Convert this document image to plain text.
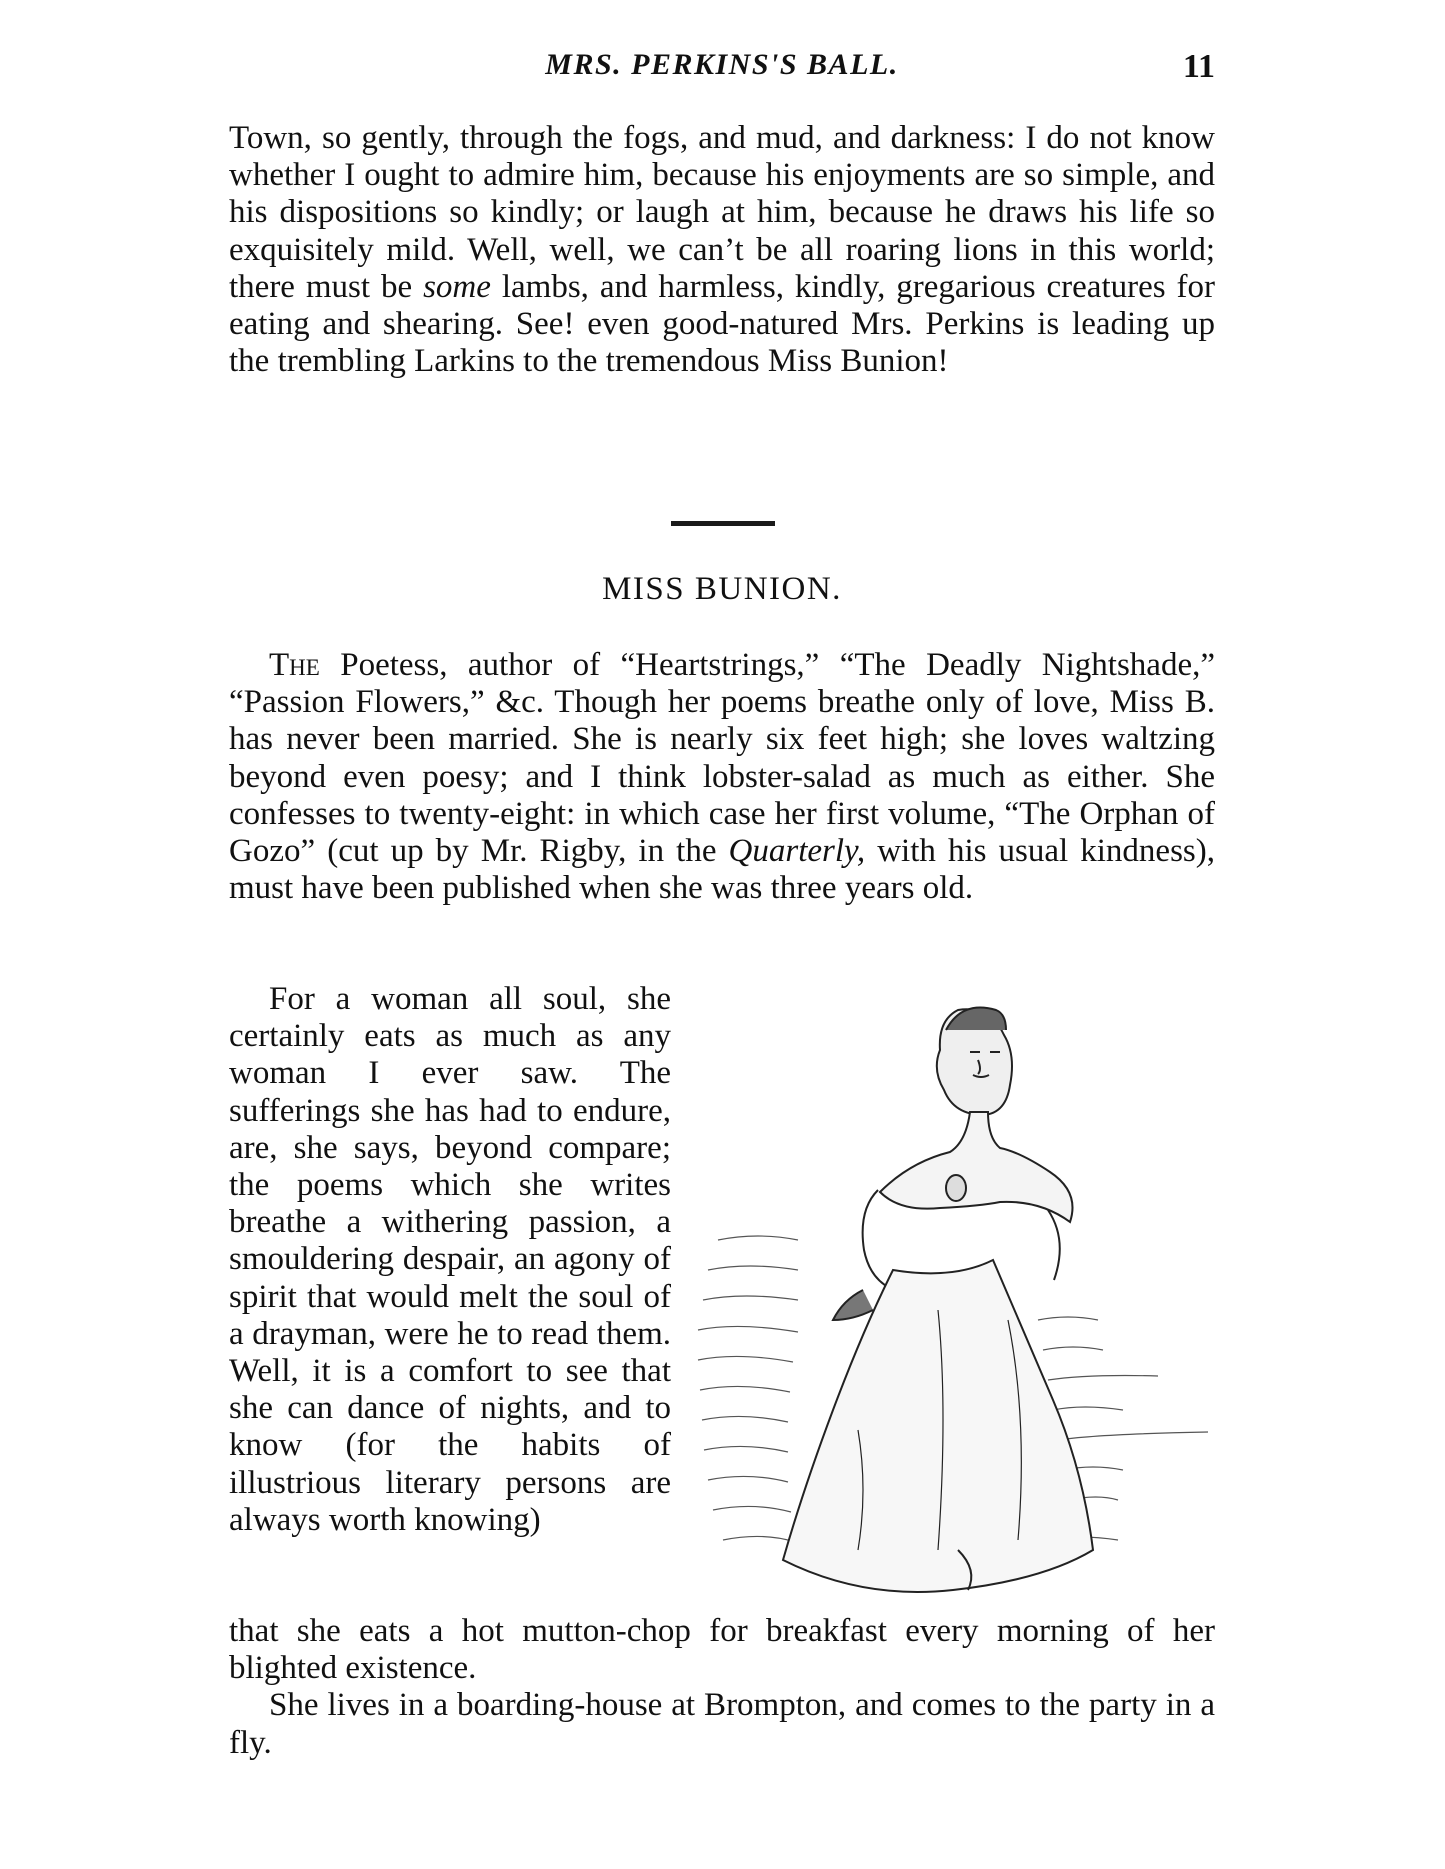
MRS. PERKINS'S BALL.	11

Town, so gently, through the fogs, and mud, and darkness: I do not know whether I ought to admire him, because his enjoyments are so simple, and his dispositions so kindly; or laugh at him, because he draws his life so exquisitely mild. Well, well, we can’t be all roaring lions in this world; there must be some lambs, and harmless, kindly, gregarious creatures for eating and shearing. See! even good-natured Mrs. Perkins is leading up the trembling Larkins to the tremendous Miss Bunion!

MISS BUNION.

The Poetess, author of “Heartstrings,” “The Deadly Nightshade,” “Passion Flowers,” &c. Though her poems breathe only of love, Miss B. has never been married. She is nearly six feet high; she loves waltzing beyond even poesy; and I think lobster-salad as much as either. She confesses to twenty-eight: in which case her first volume, “The Orphan of Gozo” (cut up by Mr. Rigby, in the Quarterly, with his usual kindness), must have been published when she was three years old.

For a woman all soul, she certainly eats as much as any woman I ever saw. The sufferings she has had to endure, are, she says, beyond compare; the poems which she writes breathe a withering passion, a smouldering despair, an agony of spirit that would melt the soul of a drayman, were he to read them. Well, it is a comfort to see that she can dance of nights, and to know (for the habits of illustrious literary persons are always worth knowing)

that she eats a hot mutton-chop for breakfast every morning of her blighted existence.

She lives in a boarding-house at Brompton, and comes to the party in a fly.
